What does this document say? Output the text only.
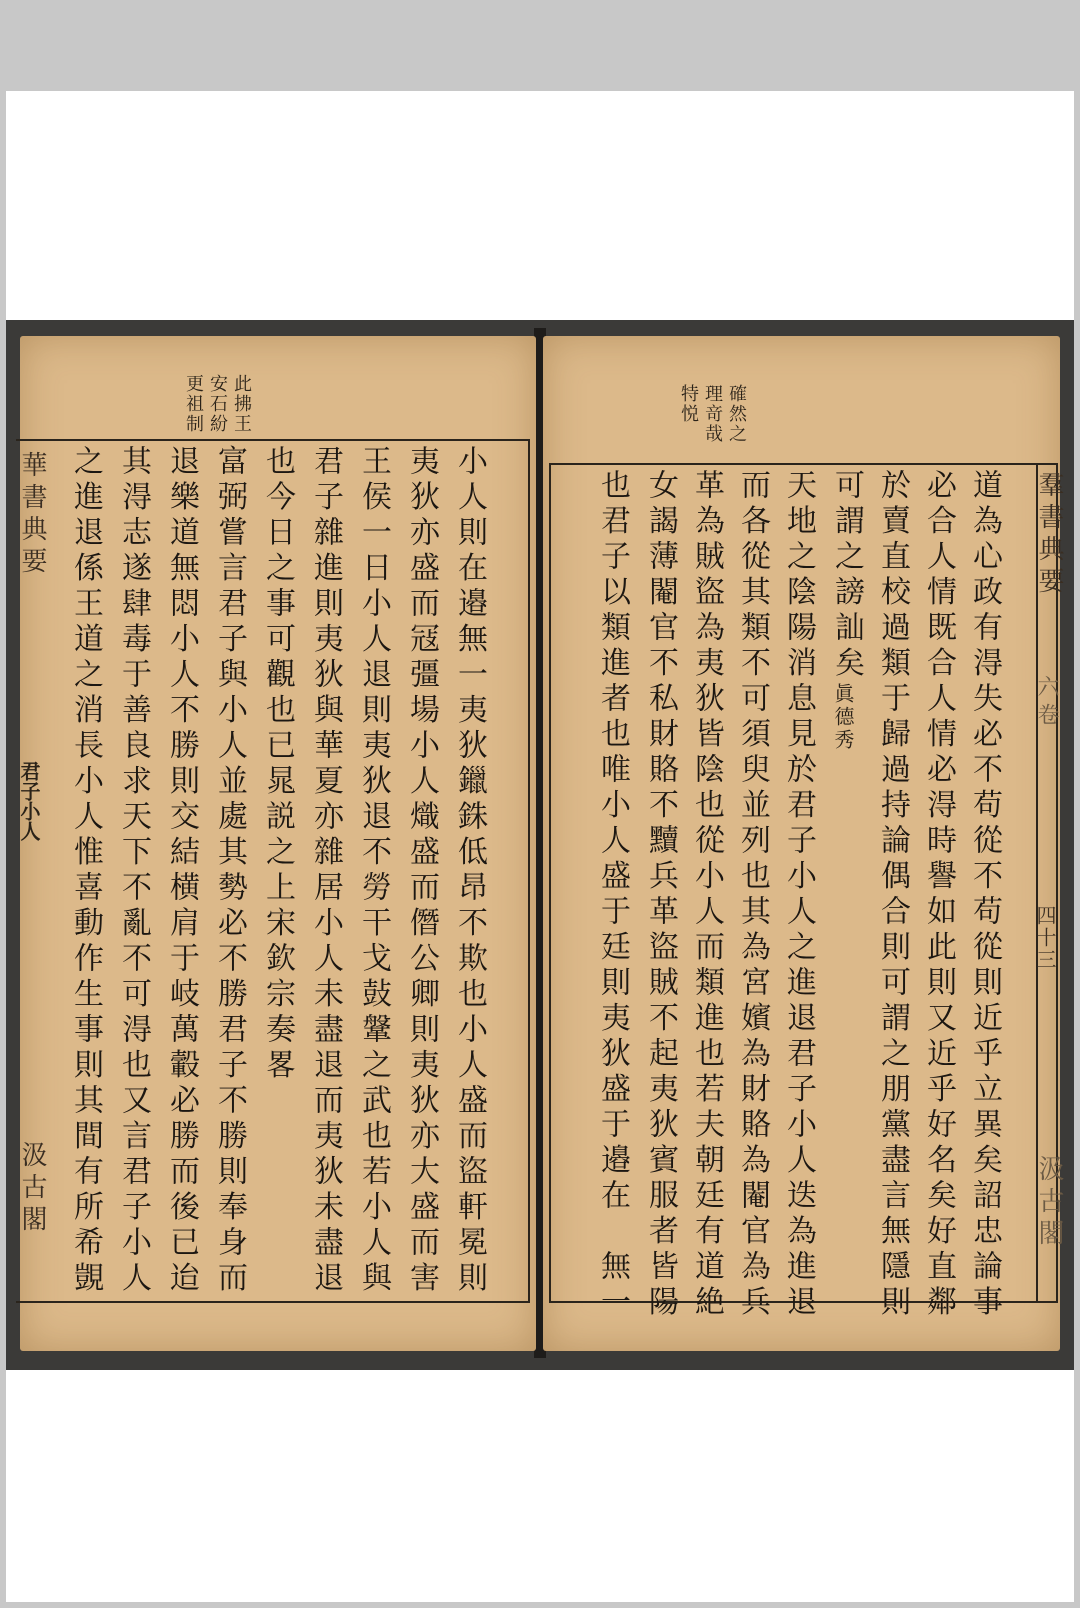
更祖制 安石紛 此拂王
華書典要
君子小人
汲古閣	小人則在邉無一夷狄鑞銖低昂不欺也小人盛而盜軒冕則
夷狄亦盛而冦彊場小人熾盛而僭公卿則夷狄亦大盛而害
王侯一日小人退則夷狄退不勞干戈鼔鞶之武也若小人與
君子雜進則夷狄與華夏亦雜居小人未盡退而夷狄未盡退
也今日之事可觀也已晁説之上宋欽宗奏畧
富弼嘗言君子與小人並處其勢必不勝君子不勝則奉身而
退樂道無悶小人不勝則交結横肩于岐萬轂必勝而後已迨
其淂志遂肆毒于善良求天下不亂不可淂也又言君子小人
之進退係王道之消長小人惟喜動作生事則其間有所希覬
特悦 理竒哉 確然之
羣書典要
六卷
四十三
汲古閣
道為心政有淂失必不苟從不苟從則近乎立異矣詔忠論事
必合人情既合人情必淂時譽如此則又近乎好名矣好直鄰
於賣直校過類于歸過持論偶合則可謂之朋黨盡言無隱則
可謂之謗訕矣
眞德秀
天地之陰陽消息見於君子小人之進退君子小人迭為進退
而各從其類不可須臾並列也其為宮嬪為財賂為閹官為兵
革為賊盜為夷狄皆陰也從小人而類進也若夫朝廷有道絶
女謁薄閹官不私財賂不黷兵革盜賊不起夷狄賓服者皆陽
也君子以類進者也唯小人盛于廷則夷狄盛于邉在　無一
